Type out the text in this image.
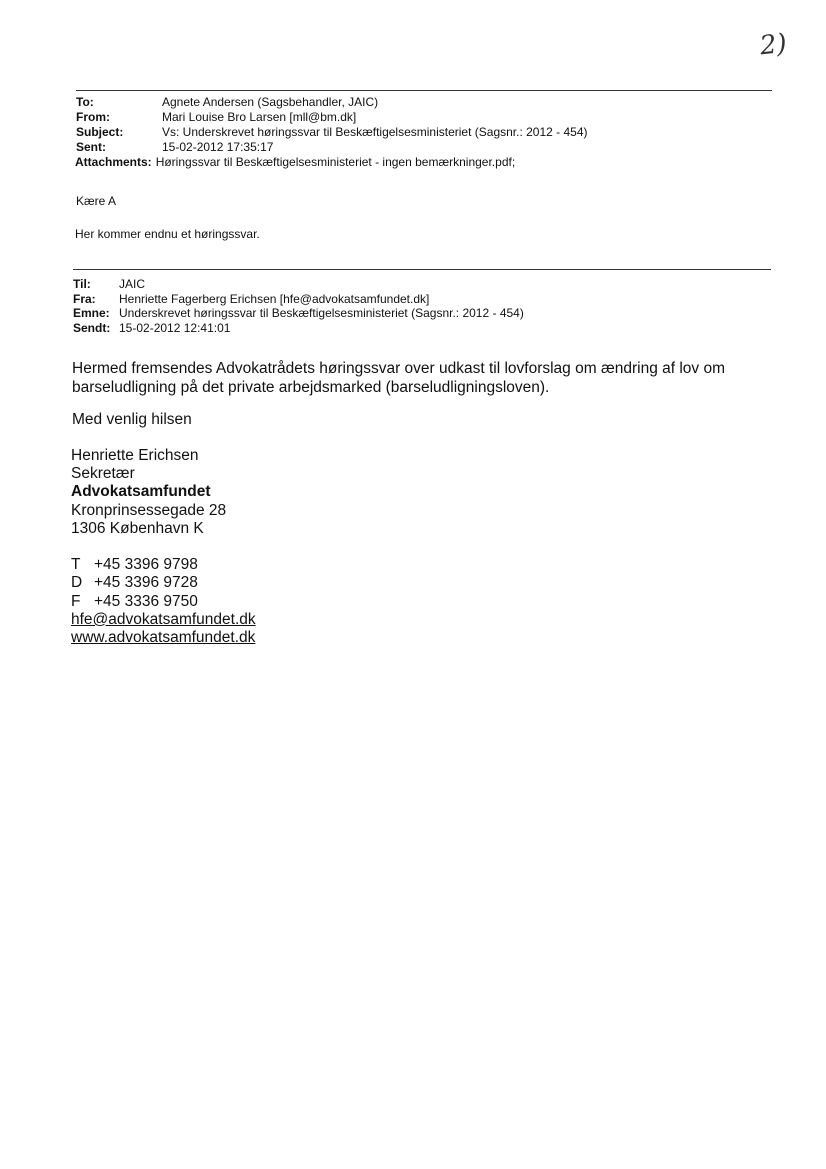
2)
To:	Agnete Andersen (Sagsbehandler, JAIC)
From:	Mari Louise Bro Larsen [mll@bm.dk]
Subject:	Vs: Underskrevet høringssvar til Beskæftigelsesministeriet (Sagsnr.: 2012 - 454)
Sent:	15-02-2012 17:35:17
Attachments: Høringssvar til Beskæftigelsesministeriet - ingen bemærkninger.pdf;
Kære A
Her kommer endnu et høringssvar.
Til:	JAIC
Fra:	Henriette Fagerberg Erichsen [hfe@advokatsamfundet.dk]
Emne: Underskrevet høringssvar til Beskæftigelsesministeriet (Sagsnr.: 2012 - 454)
Sendt: 15-02-2012 12:41:01
Hermed fremsendes Advokatrådets høringssvar over udkast til lovforslag om ændring af lov om
barseludligning på det private arbejdsmarked (barseludligningsloven).
Med venlig hilsen
Henriette Erichsen
Sekretær
Advokatsamfundet
Kronprinsessegade 28
1306 København K
T +45 3396 9798
D +45 3396 9728
F +45 3336 9750
hfe@advokatsamfundet.dk
www.advokatsamfundet.dk
